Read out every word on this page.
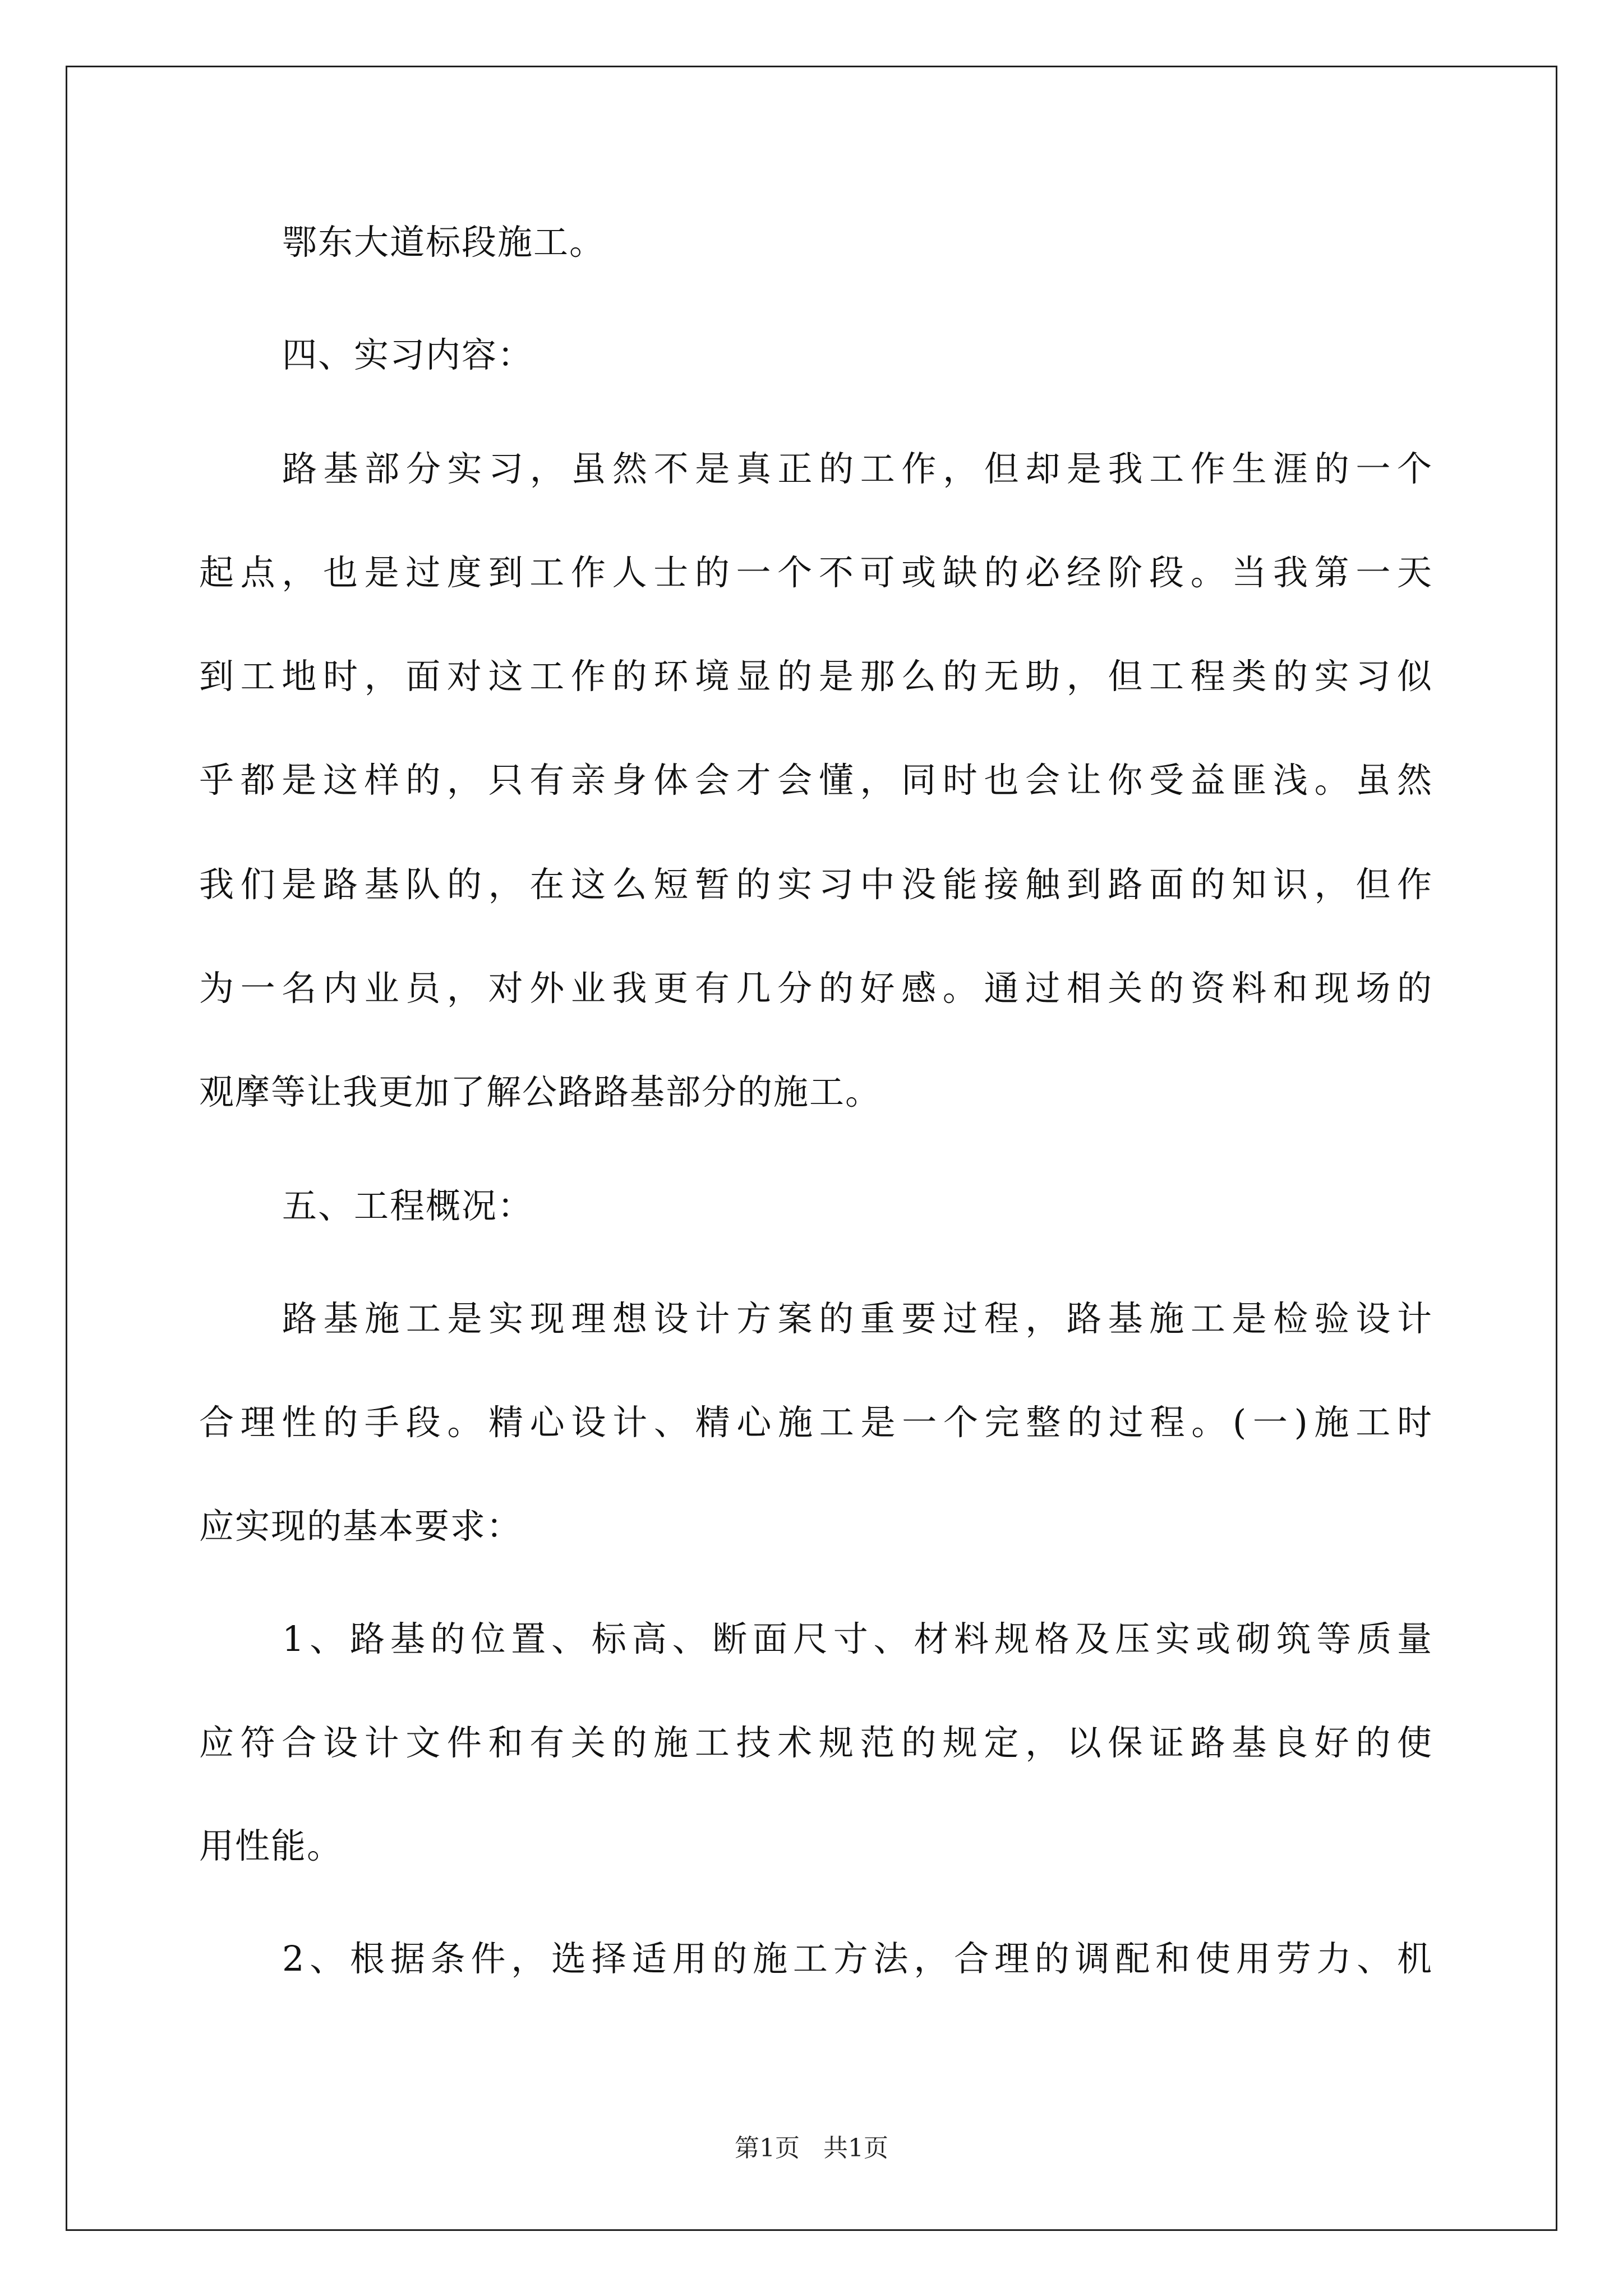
鄂东大道标段施工。
四、实习内容：
路基部分实习，虽然不是真正的工作，但却是我工作生涯的一个
起点，也是过度到工作人士的一个不可或缺的必经阶段。当我第一天
到工地时，面对这工作的环境显的是那么的无助，但工程类的实习似
乎都是这样的，只有亲身体会才会懂，同时也会让你受益匪浅。虽然
我们是路基队的，在这么短暂的实习中没能接触到路面的知识，但作
为一名内业员，对外业我更有几分的好感。通过相关的资料和现场的
观摩等让我更加了解公路路基部分的施工。
五、工程概况：
路基施工是实现理想设计方案的重要过程，路基施工是检验设计
合理性的手段。精心设计、精心施工是一个完整的过程。(一)施工时
应实现的基本要求：
1、路基的位置、标高、断面尺寸、材料规格及压实或砌筑等质量
应符合设计文件和有关的施工技术规范的规定，以保证路基良好的使
用性能。
2、根据条件，选择适用的施工方法，合理的调配和使用劳力、机
第1页   共1页
